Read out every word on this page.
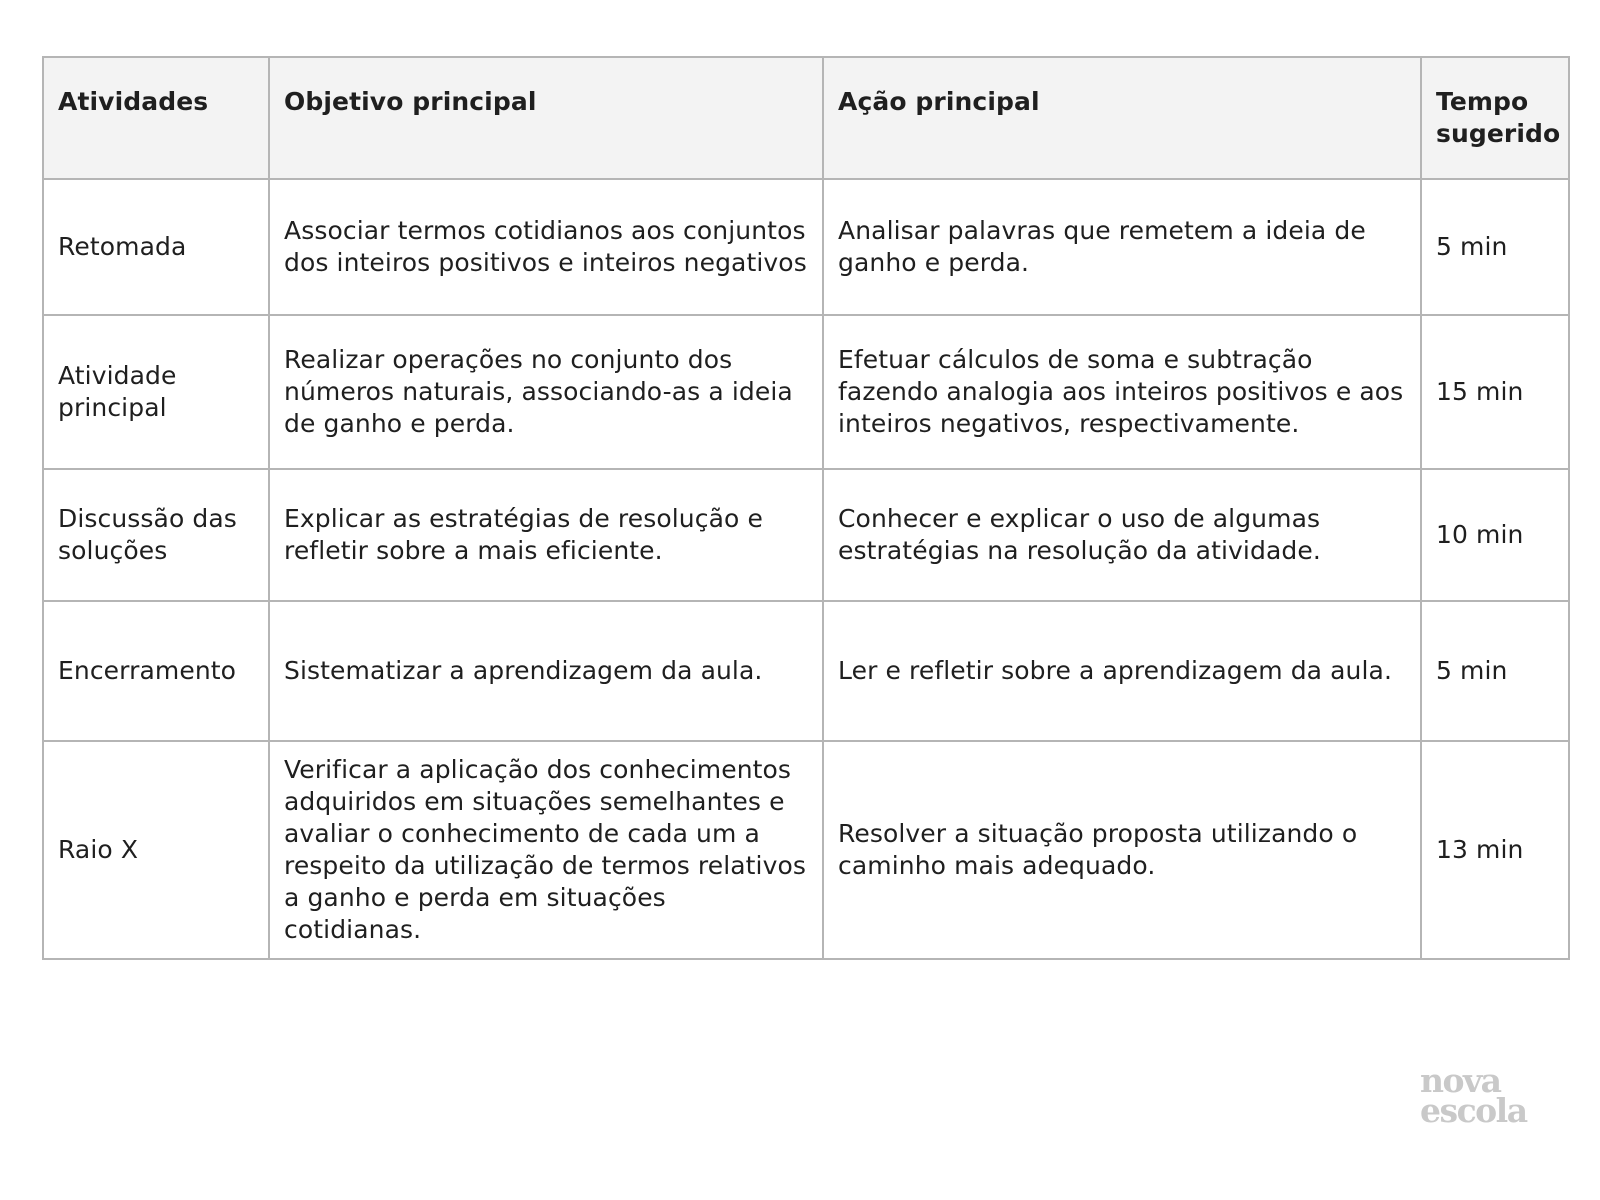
Atividades	Objetivo principal	Ação principal	Tempo sugerido
Retomada	Associar termos cotidianos aos conjuntos dos inteiros positivos e inteiros negativos	Analisar palavras que remetem a ideia de ganho e perda.	5 min
Atividade principal	Realizar operações no conjunto dos números naturais, associando-as a ideia de ganho e perda.	Efetuar cálculos de soma e subtração fazendo analogia aos inteiros positivos e aos inteiros negativos, respectivamente.	15 min
Discussão das soluções	Explicar as estratégias de resolução e refletir sobre a mais eficiente.	Conhecer e explicar o uso de algumas estratégias na resolução da atividade.	10 min
Encerramento	Sistematizar a aprendizagem da aula.	Ler e refletir sobre a aprendizagem da aula.	5 min
Raio X	Verificar a aplicação dos conhecimentos adquiridos em situações semelhantes e avaliar o conhecimento de cada um a respeito da utilização de termos relativos a ganho e perda em situações cotidianas.	Resolver a situação proposta utilizando o caminho mais adequado.	13 min
nova
escola
